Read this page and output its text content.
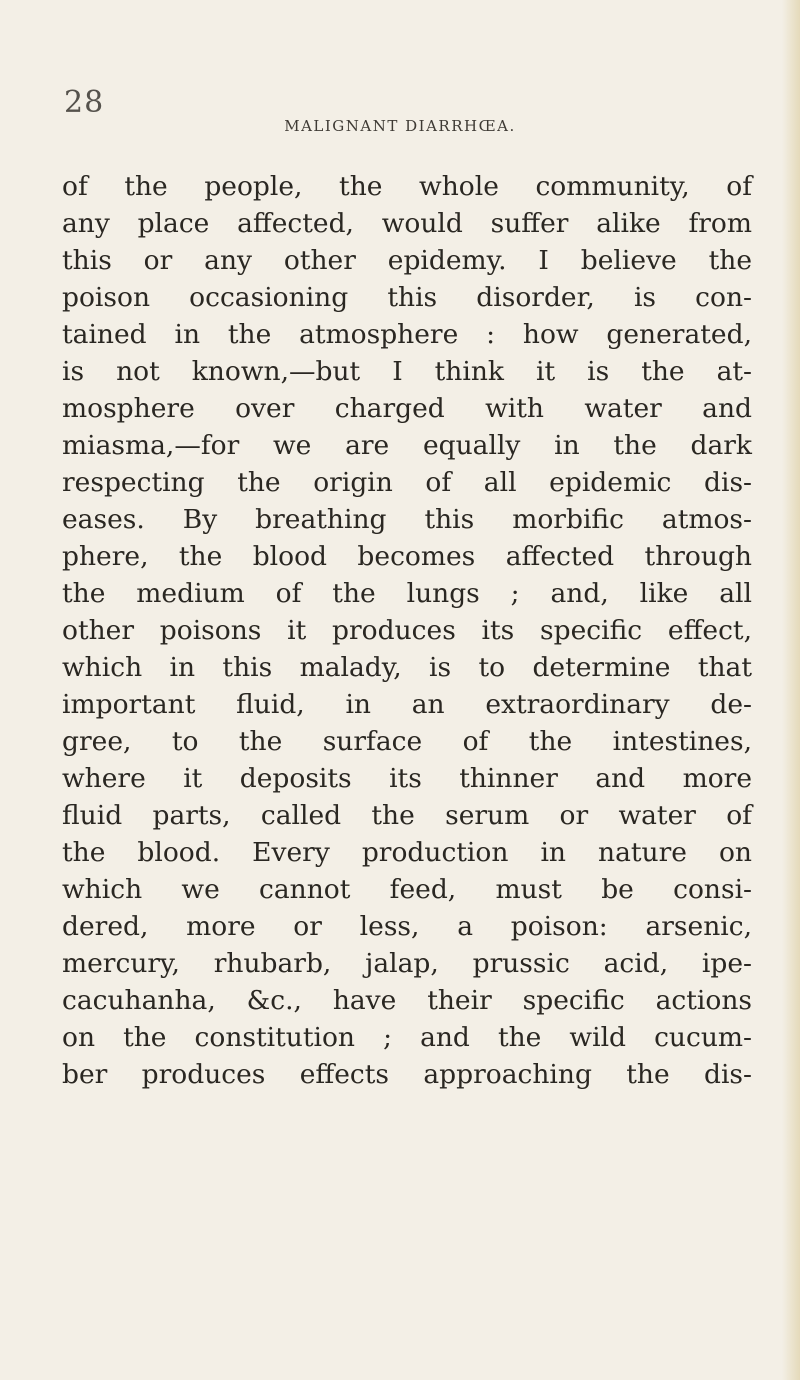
28
MALIGNANT DIARRHŒA.
of the people, the whole community, of
any place affected, would suffer alike from
this or any other epidemy. I believe the
poison occasioning this disorder, is con-
tained in the atmosphere : how generated,
is not known,—but I think it is the at-
mosphere over charged with water and
miasma,—for we are equally in the dark
respecting the origin of all epidemic dis-
eases. By breathing this morbific atmos-
phere, the blood becomes affected through
the medium of the lungs ; and, like all
other poisons it produces its specific effect,
which in this malady, is to determine that
important fluid, in an extraordinary de-
gree, to the surface of the intestines,
where it deposits its thinner and more
fluid parts, called the serum or water of
the blood. Every production in nature on
which we cannot feed, must be consi-
dered, more or less, a poison: arsenic,
mercury, rhubarb, jalap, prussic acid, ipe-
cacuhanha, &c., have their specific actions
on the constitution ; and the wild cucum-
ber produces effects approaching the dis-
